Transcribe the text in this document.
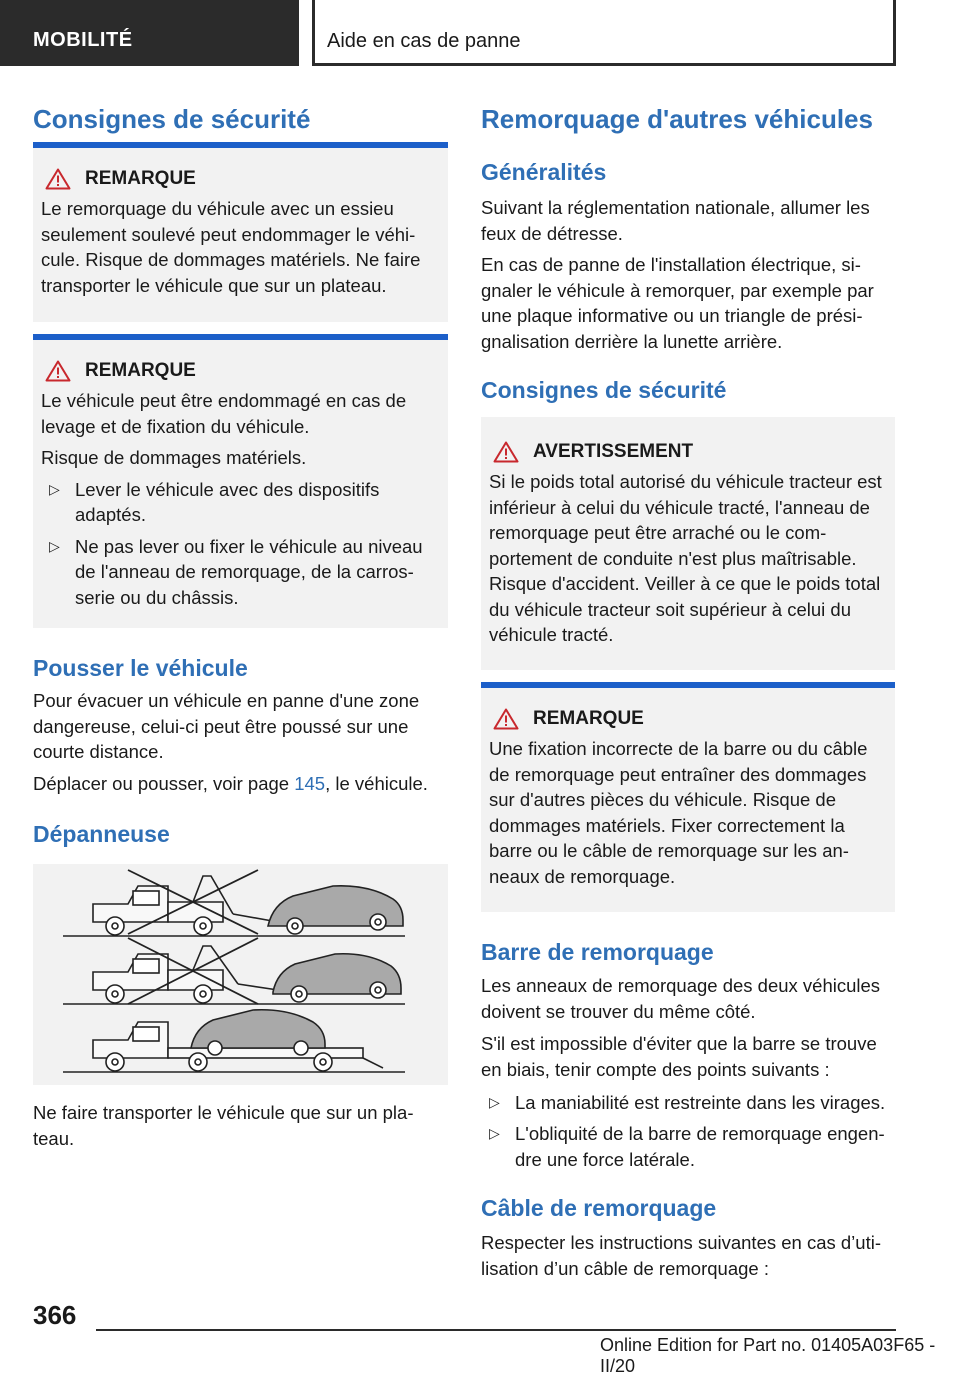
MOBILITÉ	Aide en cas de panne
Consignes de sécurité
REMARQUE
Le remorquage du véhicule avec un essieu seulement soulevé peut endommager le véhi-cule. Risque de dommages matériels. Ne faire transporter le véhicule que sur un plateau.
REMARQUE
Le véhicule peut être endommagé en cas de levage et de fixation du véhicule.
Risque de dommages matériels.
▷ Lever le véhicule avec des dispositifs adaptés.
▷ Ne pas lever ou fixer le véhicule au niveau de l'anneau de remorquage, de la carros-serie ou du châssis.
Pousser le véhicule
Pour évacuer un véhicule en panne d'une zone dangereuse, celui-ci peut être poussé sur une courte distance.
Déplacer ou pousser, voir page 145, le véhicule.
Dépanneuse
Ne faire transporter le véhicule que sur un pla-teau.
Remorquage d'autres véhicules
Généralités
Suivant la réglementation nationale, allumer les feux de détresse.
En cas de panne de l'installation électrique, si-gnaler le véhicule à remorquer, par exemple par une plaque informative ou un triangle de prési-gnalisation derrière la lunette arrière.
Consignes de sécurité
AVERTISSEMENT
Si le poids total autorisé du véhicule tracteur est inférieur à celui du véhicule tracté, l'anneau de remorquage peut être arraché ou le com-portement de conduite n'est plus maîtrisable. Risque d'accident. Veiller à ce que le poids total du véhicule tracteur soit supérieur à celui du véhicule tracté.
REMARQUE
Une fixation incorrecte de la barre ou du câble de remorquage peut entraîner des dommages sur d'autres pièces du véhicule. Risque de dommages matériels. Fixer correctement la barre ou le câble de remorquage sur les an-neaux de remorquage.
Barre de remorquage
Les anneaux de remorquage des deux véhicules doivent se trouver du même côté.
S'il est impossible d'éviter que la barre se trouve en biais, tenir compte des points suivants :
▷ La maniabilité est restreinte dans les virages.
▷ L'obliquité de la barre de remorquage engen-dre une force latérale.
Câble de remorquage
Respecter les instructions suivantes en cas d’uti-lisation d’un câble de remorquage :
366
Online Edition for Part no. 01405A03F65 - II/20
